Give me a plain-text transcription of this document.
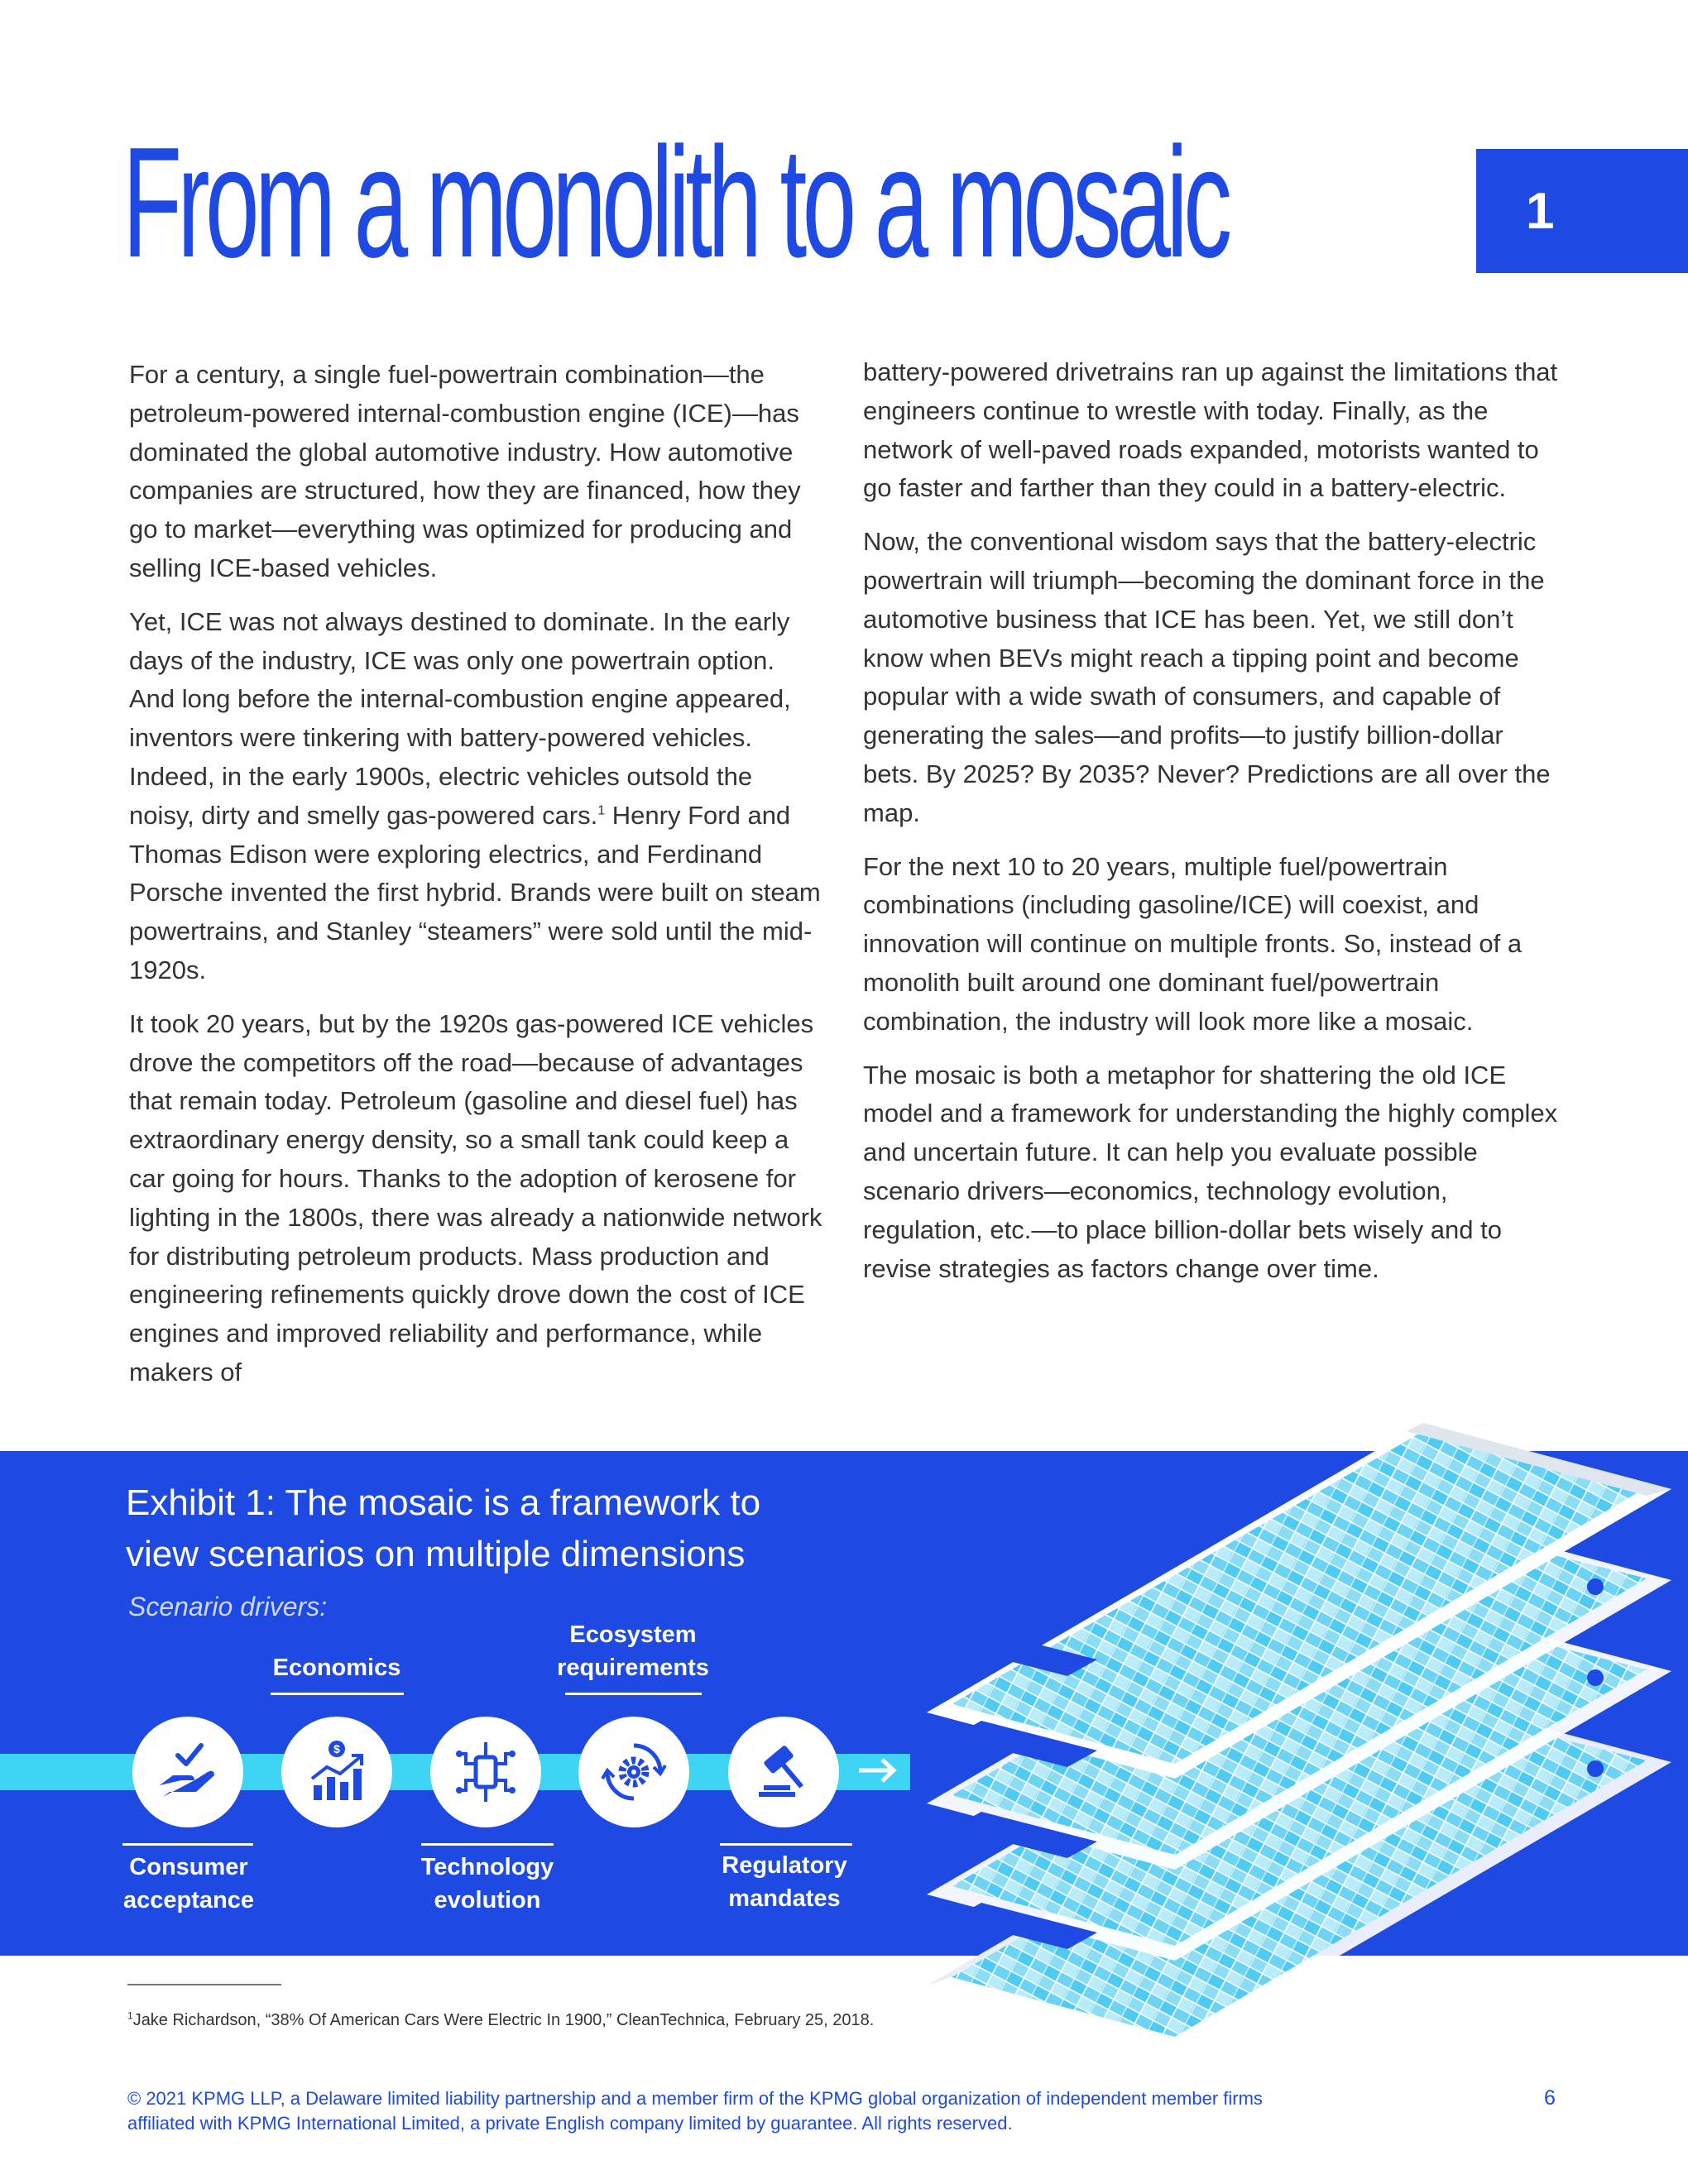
From a monolith to a mosaic	1

For a century, a single fuel-powertrain combination—the petroleum-powered internal-combustion engine (ICE)—has dominated the global automotive industry. How automotive companies are structured, how they are financed, how they go to market—everything was optimized for producing and selling ICE-based vehicles.

Yet, ICE was not always destined to dominate. In the early days of the industry, ICE was only one powertrain option. And long before the internal-combustion engine appeared, inventors were tinkering with battery-powered vehicles. Indeed, in the early 1900s, electric vehicles outsold the noisy, dirty and smelly gas-powered cars.$^1$ Henry Ford and Thomas Edison were exploring electrics, and Ferdinand Porsche invented the first hybrid. Brands were built on steam powertrains, and Stanley “steamers” were sold until the mid-1920s.

It took 20 years, but by the 1920s gas-powered ICE vehicles drove the competitors off the road—because of advantages that remain today. Petroleum (gasoline and diesel fuel) has extraordinary energy density, so a small tank could keep a car going for hours. Thanks to the adoption of kerosene for lighting in the 1800s, there was already a nationwide network for distributing petroleum products. Mass production and engineering refinements quickly drove down the cost of ICE engines and improved reliability and performance, while makers of

battery-powered drivetrains ran up against the limitations that engineers continue to wrestle with today. Finally, as the network of well-paved roads expanded, motorists wanted to go faster and farther than they could in a battery-electric.

Now, the conventional wisdom says that the battery-electric powertrain will triumph—becoming the dominant force in the automotive business that ICE has been. Yet, we still don’t know when BEVs might reach a tipping point and become popular with a wide swath of consumers, and capable of generating the sales—and profits—to justify billion-dollar bets. By 2025? By 2035? Never? Predictions are all over the map.

For the next 10 to 20 years, multiple fuel/powertrain combinations (including gasoline/ICE) will coexist, and innovation will continue on multiple fronts. So, instead of a monolith built around one dominant fuel/powertrain combination, the industry will look more like a mosaic.

The mosaic is both a metaphor for shattering the old ICE model and a framework for understanding the highly complex and uncertain future. It can help you evaluate possible scenario drivers—economics, technology evolution, regulation, etc.—to place billion-dollar bets wisely and to revise strategies as factors change over time.

Exhibit 1: The mosaic is a framework to
view scenarios on multiple dimensions
Scenario drivers:
Consumer
acceptance
$
Economics
Technology
evolution
Ecosystem
requirements
Regulatory
mandates
$^1$Jake Richardson, “38% Of American Cars Were Electric In 1900,” CleanTechnica, February 25, 2018.
© 2021 KPMG LLP, a Delaware limited liability partnership and a member firm of the KPMG global organization of independent member firms
affiliated with KPMG International Limited, a private English company limited by guarantee. All rights reserved.
6
